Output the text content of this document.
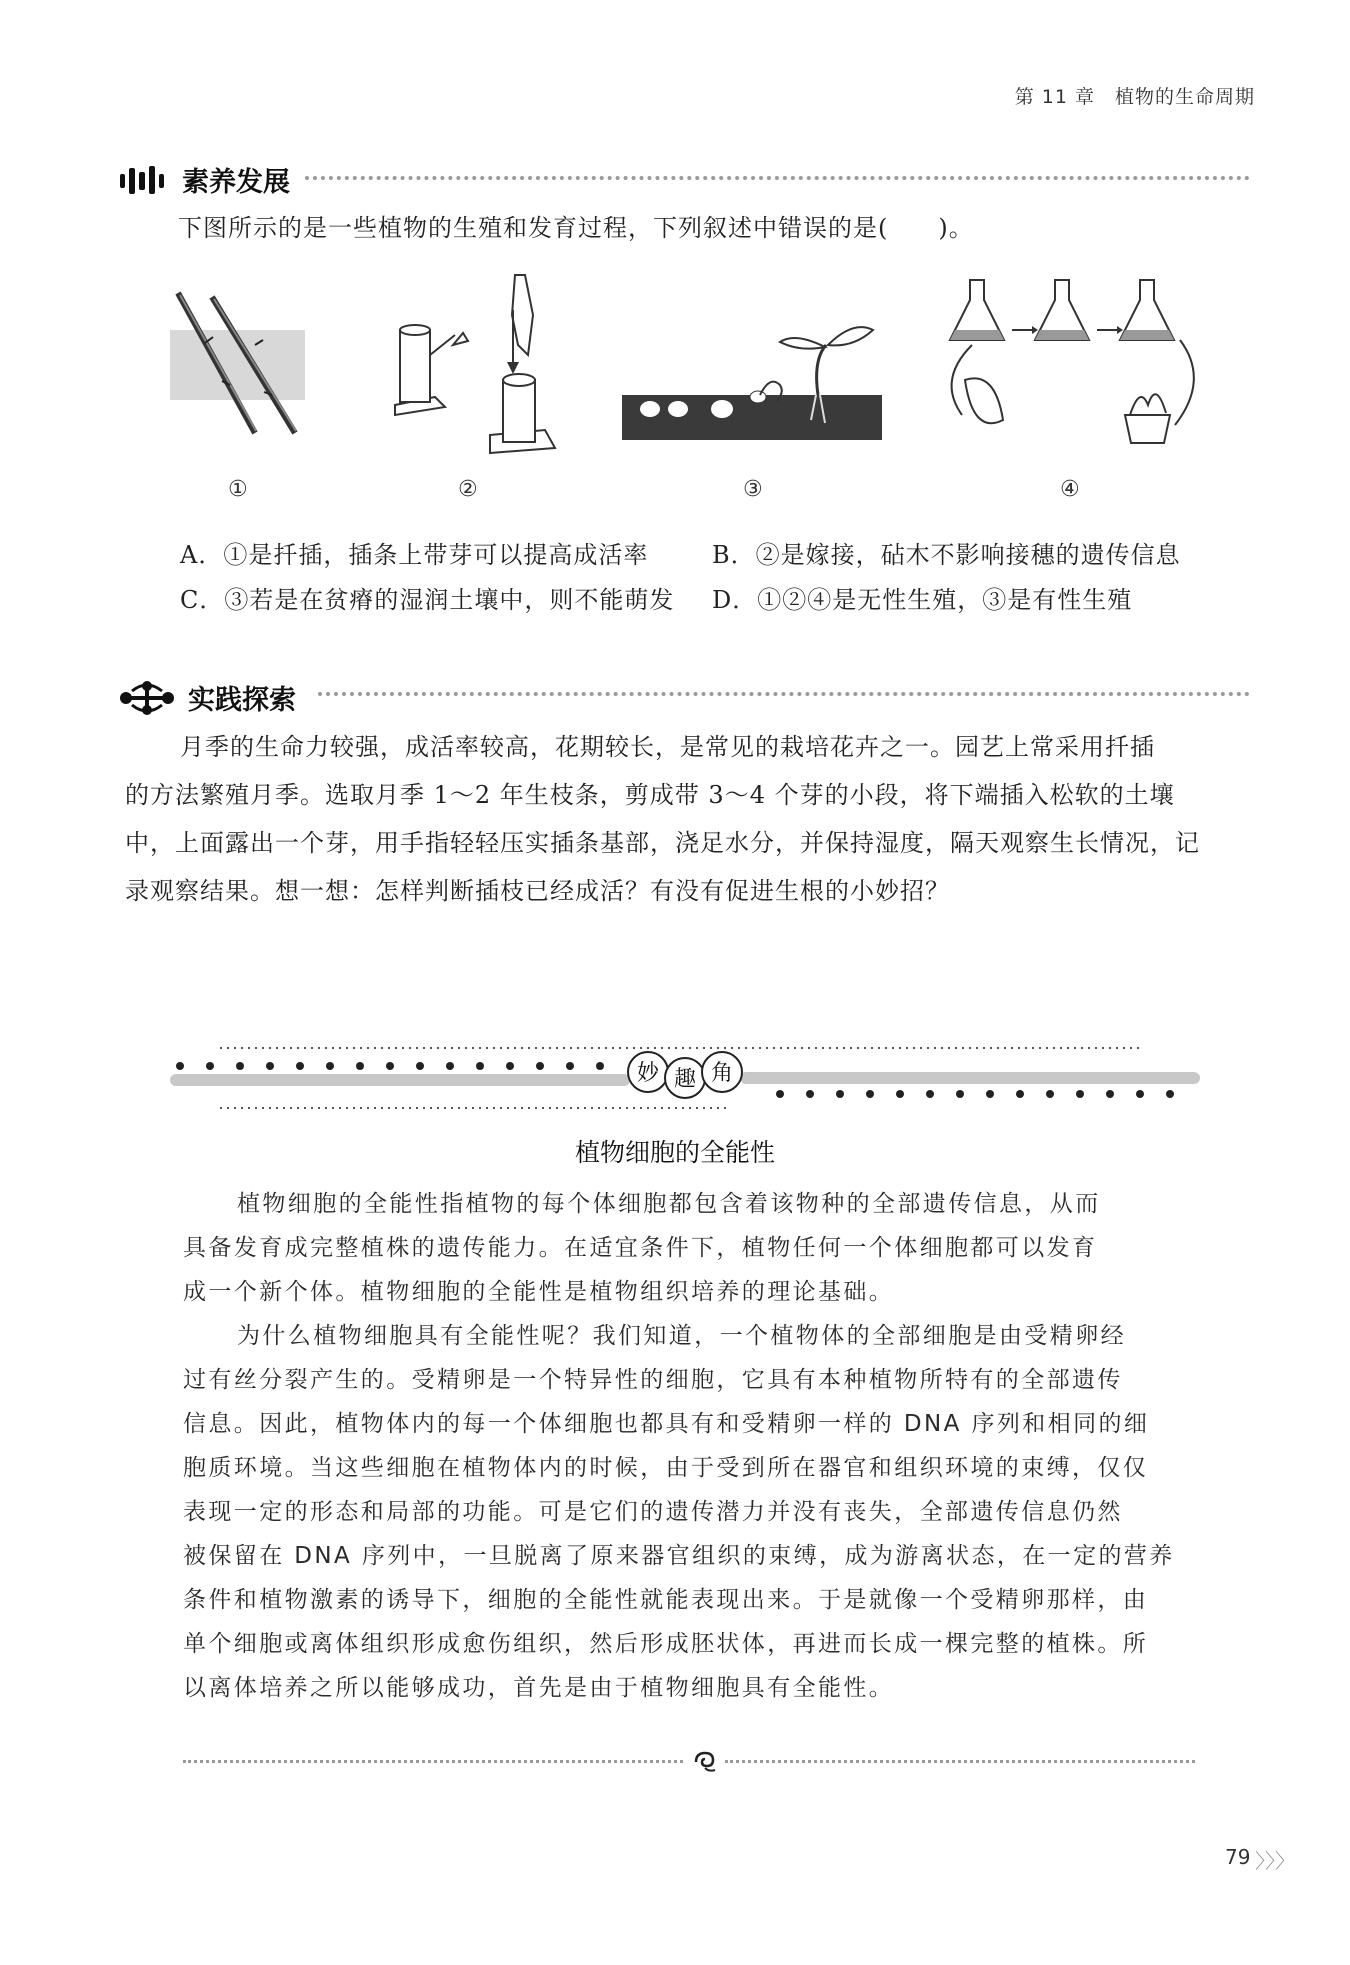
第 11 章　植物的生命周期
素养发展
下图所示的是一些植物的生殖和发育过程，下列叙述中错误的是(　　)。
①	②	③	④
A．①是扦插，插条上带芽可以提高成活率	B．②是嫁接，砧木不影响接穗的遗传信息
C．③若是在贫瘠的湿润土壤中，则不能萌发 D．①②④是无性生殖，③是有性生殖
实践探索
月季的生命力较强，成活率较高，花期较长，是常见的栽培花卉之一。园艺上常采用扦插
的方法繁殖月季。选取月季 1～2 年生枝条，剪成带 3～4 个芽的小段，将下端插入松软的土壤
中，上面露出一个芽，用手指轻轻压实插条基部，浇足水分，并保持湿度，隔天观察生长情况，记
录观察结果。想一想：怎样判断插枝已经成活？有没有促进生根的小妙招？
妙 趣 角
植物细胞的全能性
植物细胞的全能性指植物的每个体细胞都包含着该物种的全部遗传信息，从而
具备发育成完整植株的遗传能力。在适宜条件下，植物任何一个体细胞都可以发育
成一个新个体。植物细胞的全能性是植物组织培养的理论基础。
为什么植物细胞具有全能性呢？我们知道，一个植物体的全部细胞是由受精卵经
过有丝分裂产生的。受精卵是一个特异性的细胞，它具有本种植物所特有的全部遗传
信息。因此，植物体内的每一个体细胞也都具有和受精卵一样的 DNA 序列和相同的细
胞质环境。当这些细胞在植物体内的时候，由于受到所在器官和组织环境的束缚，仅仅
表现一定的形态和局部的功能。可是它们的遗传潜力并没有丧失，全部遗传信息仍然
被保留在 DNA 序列中，一旦脱离了原来器官组织的束缚，成为游离状态，在一定的营养
条件和植物激素的诱导下，细胞的全能性就能表现出来。于是就像一个受精卵那样，由
单个细胞或离体组织形成愈伤组织，然后形成胚状体，再进而长成一棵完整的植株。所
以离体培养之所以能够成功，首先是由于植物细胞具有全能性。
79 〉〉〉
